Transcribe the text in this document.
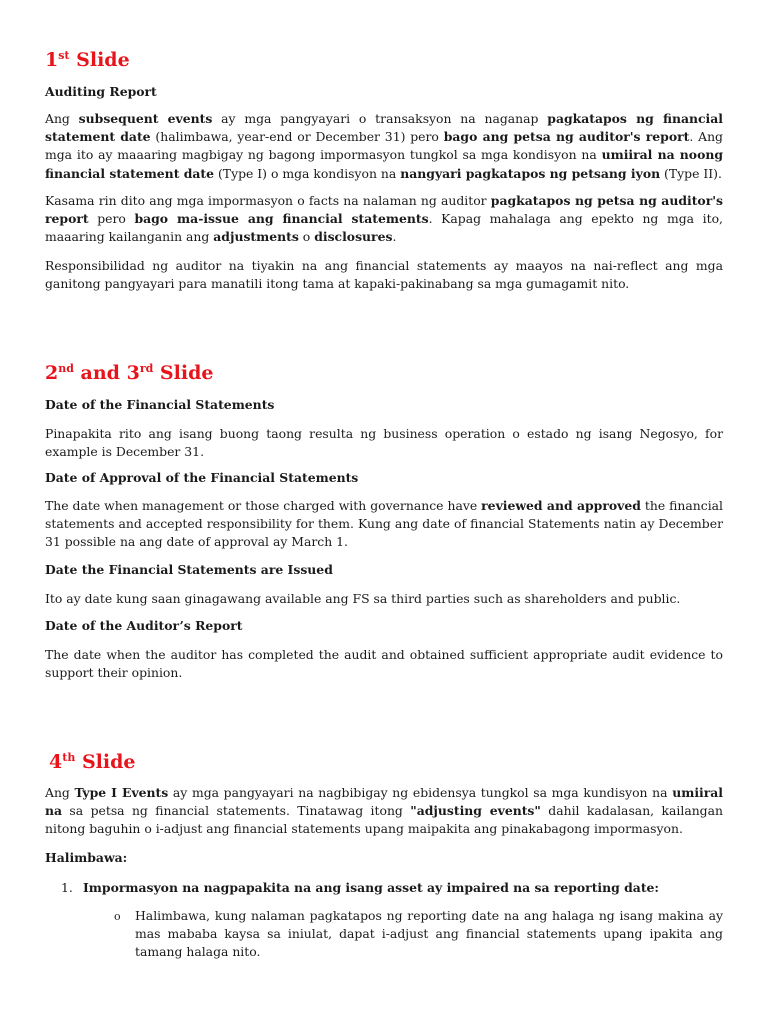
1st Slide
Auditing Report

Ang subsequent events ay mga pangyayari o transaksyon na naganap pagkatapos ng financial statement date (halimbawa, year-end or December 31) pero bago ang petsa ng auditor's report. Ang mga ito ay maaaring magbigay ng bagong impormasyon tungkol sa mga kondisyon na umiiral na noong financial statement date (Type I) o mga kondisyon na nangyari pagkatapos ng petsang iyon (Type II).

Kasama rin dito ang mga impormasyon o facts na nalaman ng auditor pagkatapos ng petsa ng auditor's report pero bago ma-issue ang financial statements. Kapag mahalaga ang epekto ng mga ito, maaaring kailanganin ang adjustments o disclosures.

Responsibilidad ng auditor na tiyakin na ang financial statements ay maayos na nai-reflect ang mga ganitong pangyayari para manatili itong tama at kapaki-pakinabang sa mga gumagamit nito.

2nd and 3rd Slide
Date of the Financial Statements

Pinapakita rito ang isang buong taong resulta ng business operation o estado ng isang Negosyo, for example is December 31.

Date of Approval of the Financial Statements

The date when management or those charged with governance have reviewed and approved the financial statements and accepted responsibility for them. Kung ang date of financial Statements natin ay December 31 possible na ang date of approval ay March 1.

Date the Financial Statements are Issued

Ito ay date kung saan ginagawang available ang FS sa third parties such as shareholders and public.

Date of the Auditor’s Report

The date when the auditor has completed the audit and obtained sufficient appropriate audit evidence to support their opinion.

4th Slide

Ang Type I Events ay mga pangyayari na nagbibigay ng ebidensya tungkol sa mga kundisyon na umiiral na sa petsa ng financial statements. Tinatawag itong "adjusting events" dahil kadalasan, kailangan nitong baguhin o i-adjust ang financial statements upang maipakita ang pinakabagong impormasyon.

Halimbawa:
1. Impormasyon na nagpapakita na ang isang asset ay impaired na sa reporting date:
o Halimbawa, kung nalaman pagkatapos ng reporting date na ang halaga ng isang makina ay mas mababa kaysa sa iniulat, dapat i-adjust ang financial statements upang ipakita ang tamang halaga nito.
